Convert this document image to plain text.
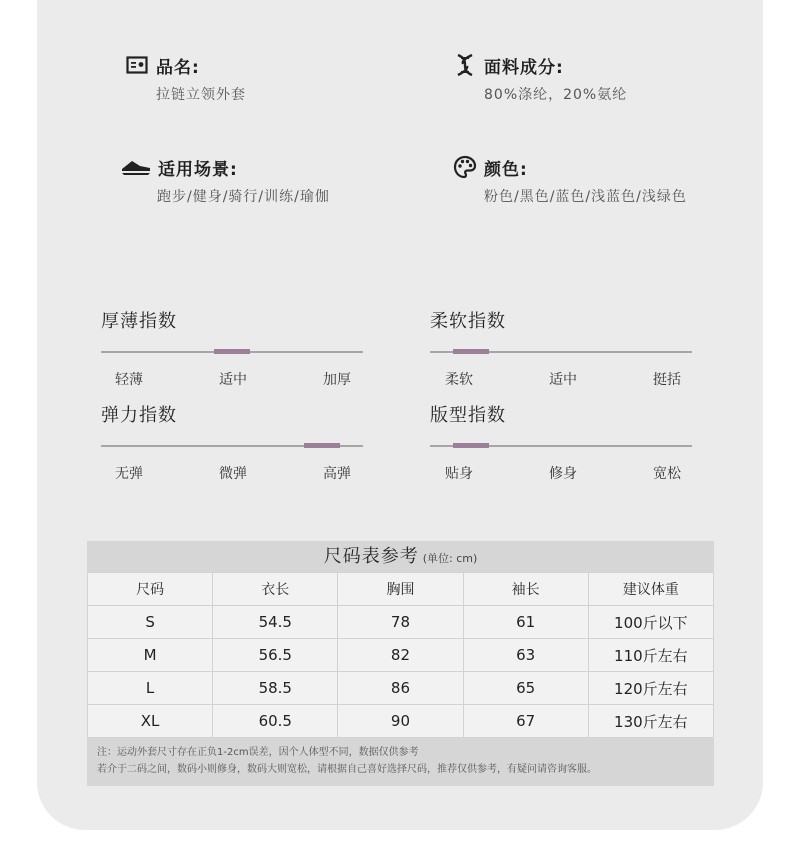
品名:
拉链立领外套
面料成分:
80%涤纶，20%氨纶
适用场景:
跑步/健身/骑行/训练/瑜伽
颜色:
粉色/黑色/蓝色/浅蓝色/浅绿色
厚薄指数
轻薄	适中	加厚
柔软指数
柔软	适中	挺括
弹力指数
无弹	微弹	高弹
版型指数
贴身	修身	宽松
尺码表参考 (单位: cm)
尺码	衣长	胸围	袖长	建议体重
S	54.5	78	61	100斤以下
M	56.5	82	63	110斤左右
L	58.5	86	65	120斤左右
XL	60.5	90	67	130斤左右
注：运动外套尺寸存在正负1-2cm误差，因个人体型不同，数据仅供参考
若介于二码之间，数码小则修身，数码大则宽松，请根据自己喜好选择尺码，推荐仅供参考，有疑问请咨询客服。
